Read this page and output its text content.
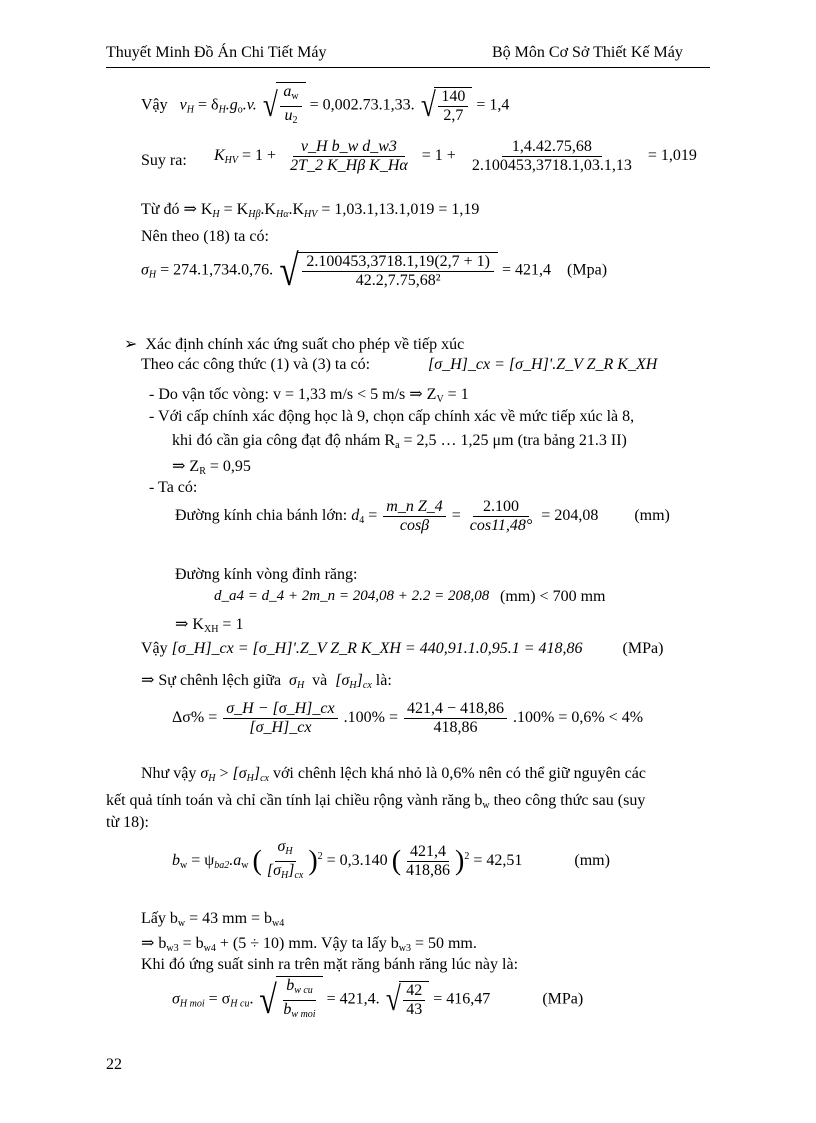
Thuyết Minh Đồ Án Chi Tiết Máy	Bộ Môn Cơ Sở Thiết Kế Máy
Vậy $v_H = \delta_H.g_o.v$. √ $\frac{a_w}{u_2} = 0,002.73.1,33$. √ $\frac{140}{2,7} = 1,4$
Suy ra: $K_{HV} = 1 + \frac{\text{v\_H b\_w d\_w3}}{\text{2T\_2 K\_Hβ K\_Hα}} = 1 + \frac{1,4.42.75,68}{2.100453,3718.1,03.1,13} = 1,019$
Từ đó ⇒ $K_H = K_{H\beta}.K_{H\alpha}.K_{HV} = 1,03.1,13.1,019 = 1,19$
Nên theo (18) ta có:
$\sigma_H = 274.1,734.0,76$. √ $\frac{2.100453,3718.1,19(2,7 + 1)}{\text{42.2,7.75,68²}} = 421,4$ (Mpa)
➢ Xác định chính xác ứng suất cho phép về tiếp xúc
Theo các công thức (1) và (3) ta có:	[σ_H]_cx = [σ_H]'.Z_V Z_R K_XH
- Do vận tốc vòng: v = 1,33 m/s < 5 m/s ⇒ $Z_V = 1$
- Với cấp chính xác động học là 9, chọn cấp chính xác về mức tiếp xúc là 8,
khi đó cần gia công đạt độ nhám $R_a = 2,5$ … 1,25 μm (tra bảng 21.3 II)
⇒ $Z_R = 0,95$
- Ta có:
Đường kính chia bánh lớn: $d_4 = \frac{\text{m\_n Z\_4}}{\cos\beta} = \frac{2.100}{\cos 11,48^\circ} = 204,08$ (mm)
Đường kính vòng đỉnh răng:
d_a4 = d_4 + 2m_n = 204,08 + 2.2 = 208,08 (mm) < 700 mm
⇒ $K_{XH} = 1$
Vậy [σ_H]_cx = [σ_H]'.Z_V Z_R K_XH = 440,91.1.0,95.1 = 418,86	(MPa)
⇒ Sự chênh lệch giữa $\sigma_H$ và $[\sigma_H]_{cx}$ là:
$\Delta\sigma\% = \frac{\sigma\_H - [\sigma\_H]\_cx}{[\sigma\_H]\_cx} .100\% = \frac{421,4 - 418,86}{418,86} .100\% = 0,6\% < 4\%$
Như vậy $\sigma_H > [\sigma_H]_{cx}$ với chênh lệch khá nhỏ là 0,6% nên có thể giữ nguyên các
kết quả tính toán và chỉ cần tính lại chiều rộng vành răng $b_w$ theo công thức sau (suy
từ 18):
$b_w = \psi_{ba2}.a_w$ ( $\frac{\sigma_H}{[\sigma_H]_{cx}} )^2 = 0,3.140$ ( $\frac{421,4}{418,86} )^2 = 42,51$	(mm)
Lấy $b_w = 43$ mm = $b_{w4}$
⇒ $b_{w3} = b_{w4} + (5 \div 10)$ mm. Vậy ta lấy $b_{w3} = 50$ mm.
Khi đó ứng suất sinh ra trên mặt răng bánh răng lúc này là:
$\sigma_{H moi} = \sigma_{H cu}$. √ $\frac{b_{w cu}}{b_{w moi}} = 421,4$. √ $\frac{42}{43} = 416,47$	(MPa)
22
